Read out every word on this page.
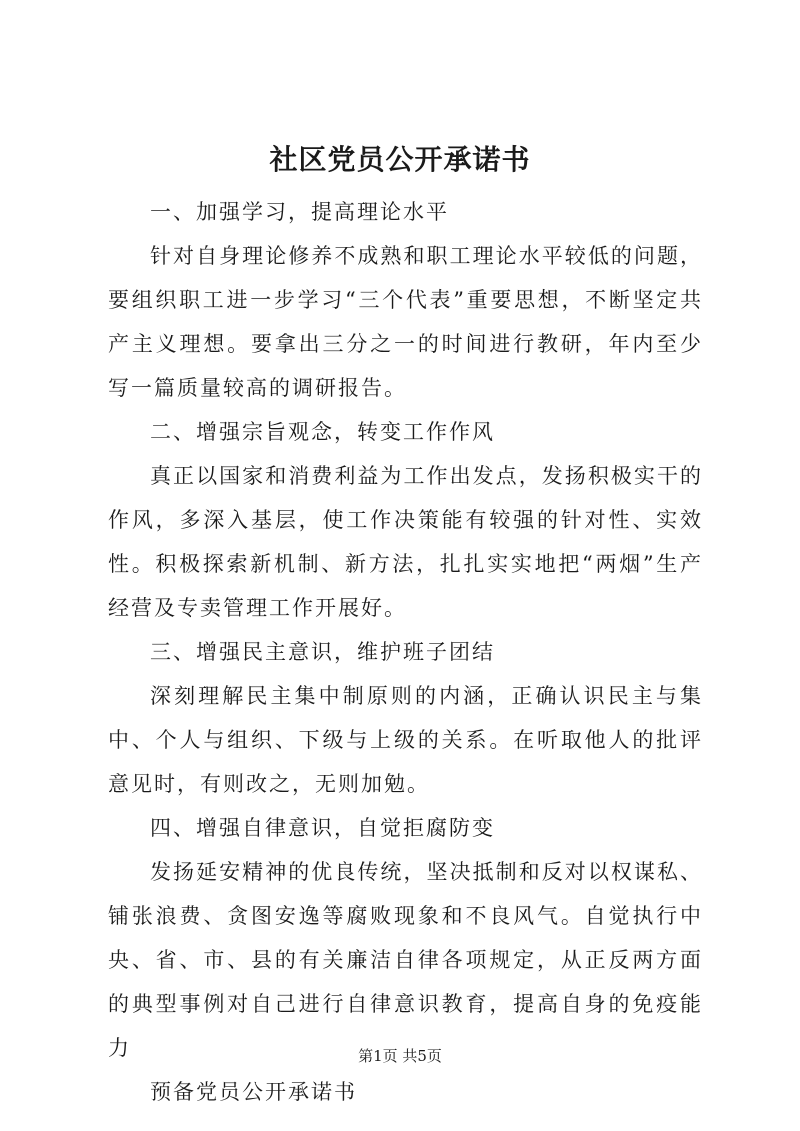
社区党员公开承诺书

一、加强学习，提高理论水平

针对自身理论修养不成熟和职工理论水平较低的问题，要组织职工进一步学习“三个代表”重要思想，不断坚定共产主义理想。要拿出三分之一的时间进行教研，年内至少写一篇质量较高的调研报告。

二、增强宗旨观念，转变工作作风

真正以国家和消费利益为工作出发点，发扬积极实干的作风，多深入基层，使工作决策能有较强的针对性、实效性。积极探索新机制、新方法，扎扎实实地把“两烟”生产经营及专卖管理工作开展好。

三、增强民主意识，维护班子团结

深刻理解民主集中制原则的内涵，正确认识民主与集中、个人与组织、下级与上级的关系。在听取他人的批评意见时，有则改之，无则加勉。

四、增强自律意识，自觉拒腐防变

发扬延安精神的优良传统，坚决抵制和反对以权谋私、铺张浪费、贪图安逸等腐败现象和不良风气。自觉执行中央、省、市、县的有关廉洁自律各项规定，从正反两方面的典型事例对自己进行自律意识教育，提高自身的免疫能力

预备党员公开承诺书

第1页 共5页
